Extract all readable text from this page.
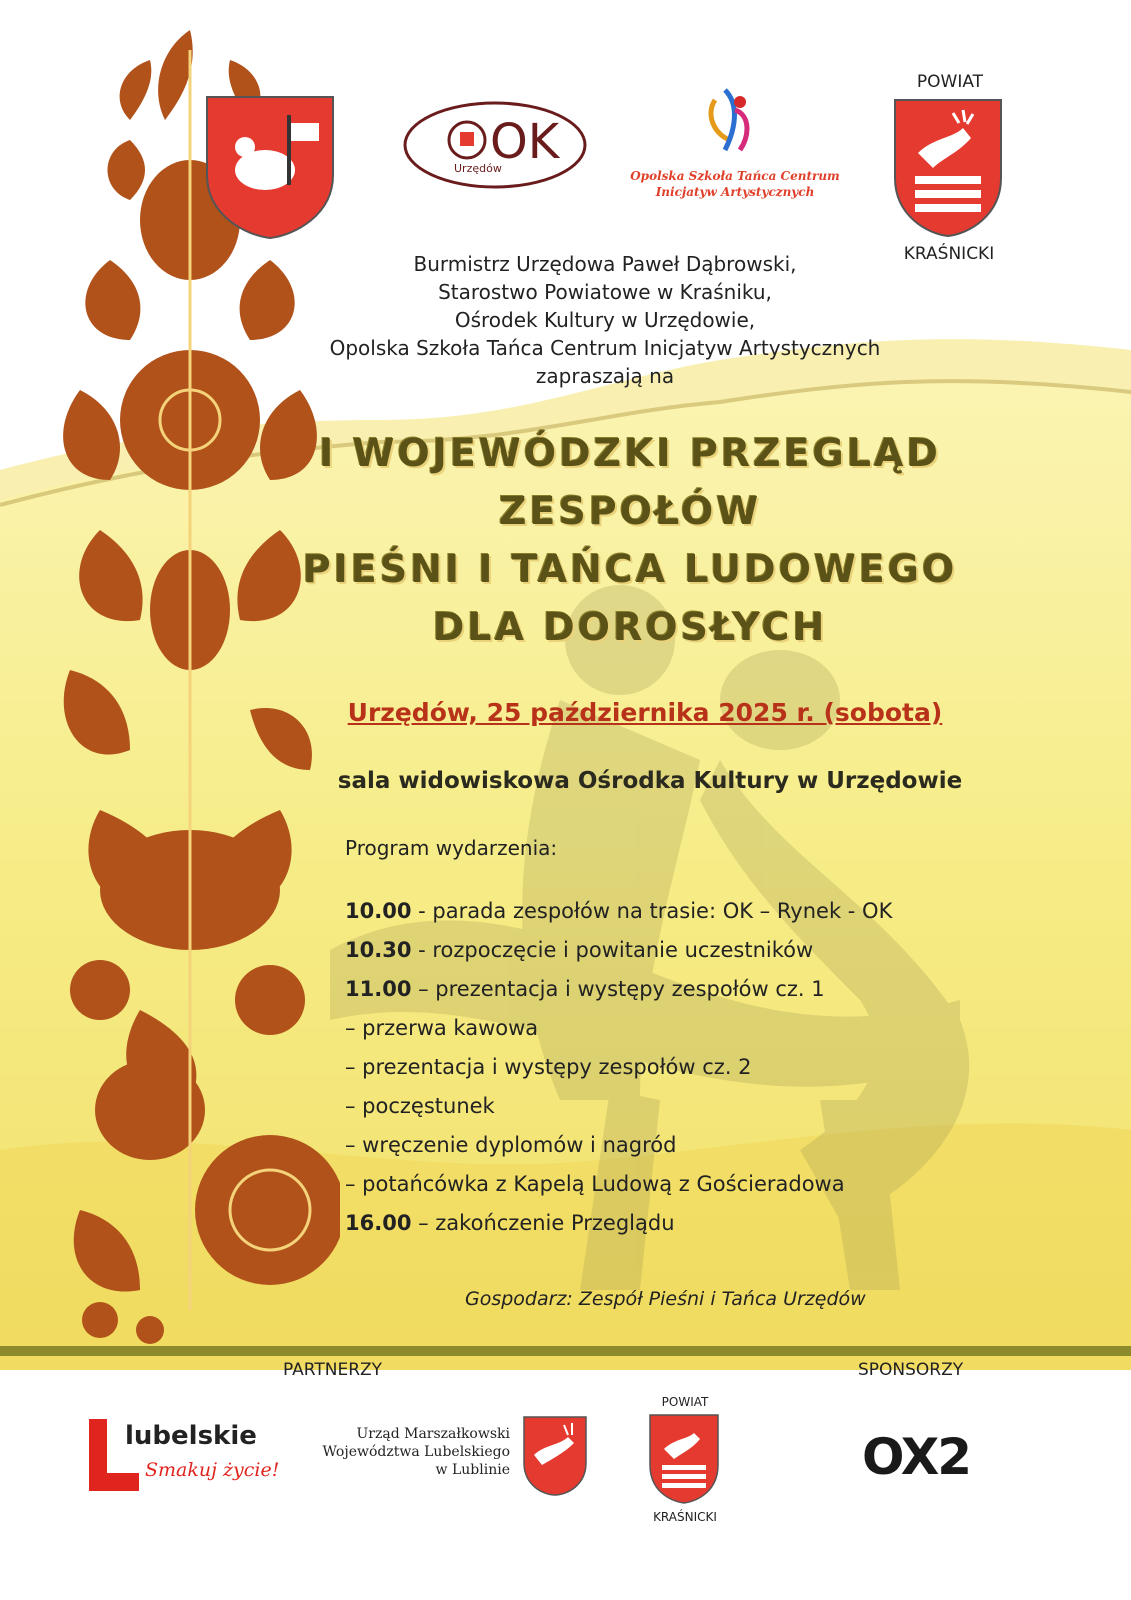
OK
Urzędów
Opolska Szkoła Tańca Centrum Inicjatyw Artystycznych
POWIAT
KRAŚNICKI
Burmistrz Urzędowa Paweł Dąbrowski,
Starostwo Powiatowe w Kraśniku,
Ośrodek Kultury w Urzędowie,
Opolska Szkoła Tańca Centrum Inicjatyw Artystycznych
zapraszają na
I WOJEWÓDZKI PRZEGLĄD
ZESPOŁÓW
PIEŚNI I TAŃCA LUDOWEGO
DLA DOROSŁYCH
Urzędów, 25 października 2025 r. (sobota)
sala widowiskowa Ośrodka Kultury w Urzędowie
Program wydarzenia:
10.00 - parada zespołów na trasie: OK – Rynek - OK
10.30 - rozpoczęcie i powitanie uczestników
11.00 – prezentacja i występy zespołów cz. 1
– przerwa kawowa
– prezentacja i występy zespołów cz. 2
– poczęstunek
– wręczenie dyplomów i nagród
– potańcówka z Kapelą Ludową z Gościeradowa
16.00 – zakończenie Przeglądu
Gospodarz: Zespół Pieśni i Tańca Urzędów
PARTNERZY	SPONSORZY
lubelskie
Smakuj życie!
Urząd Marszałkowski
Województwa Lubelskiego
w Lublinie
POWIAT
KRAŚNICKI
OX2
